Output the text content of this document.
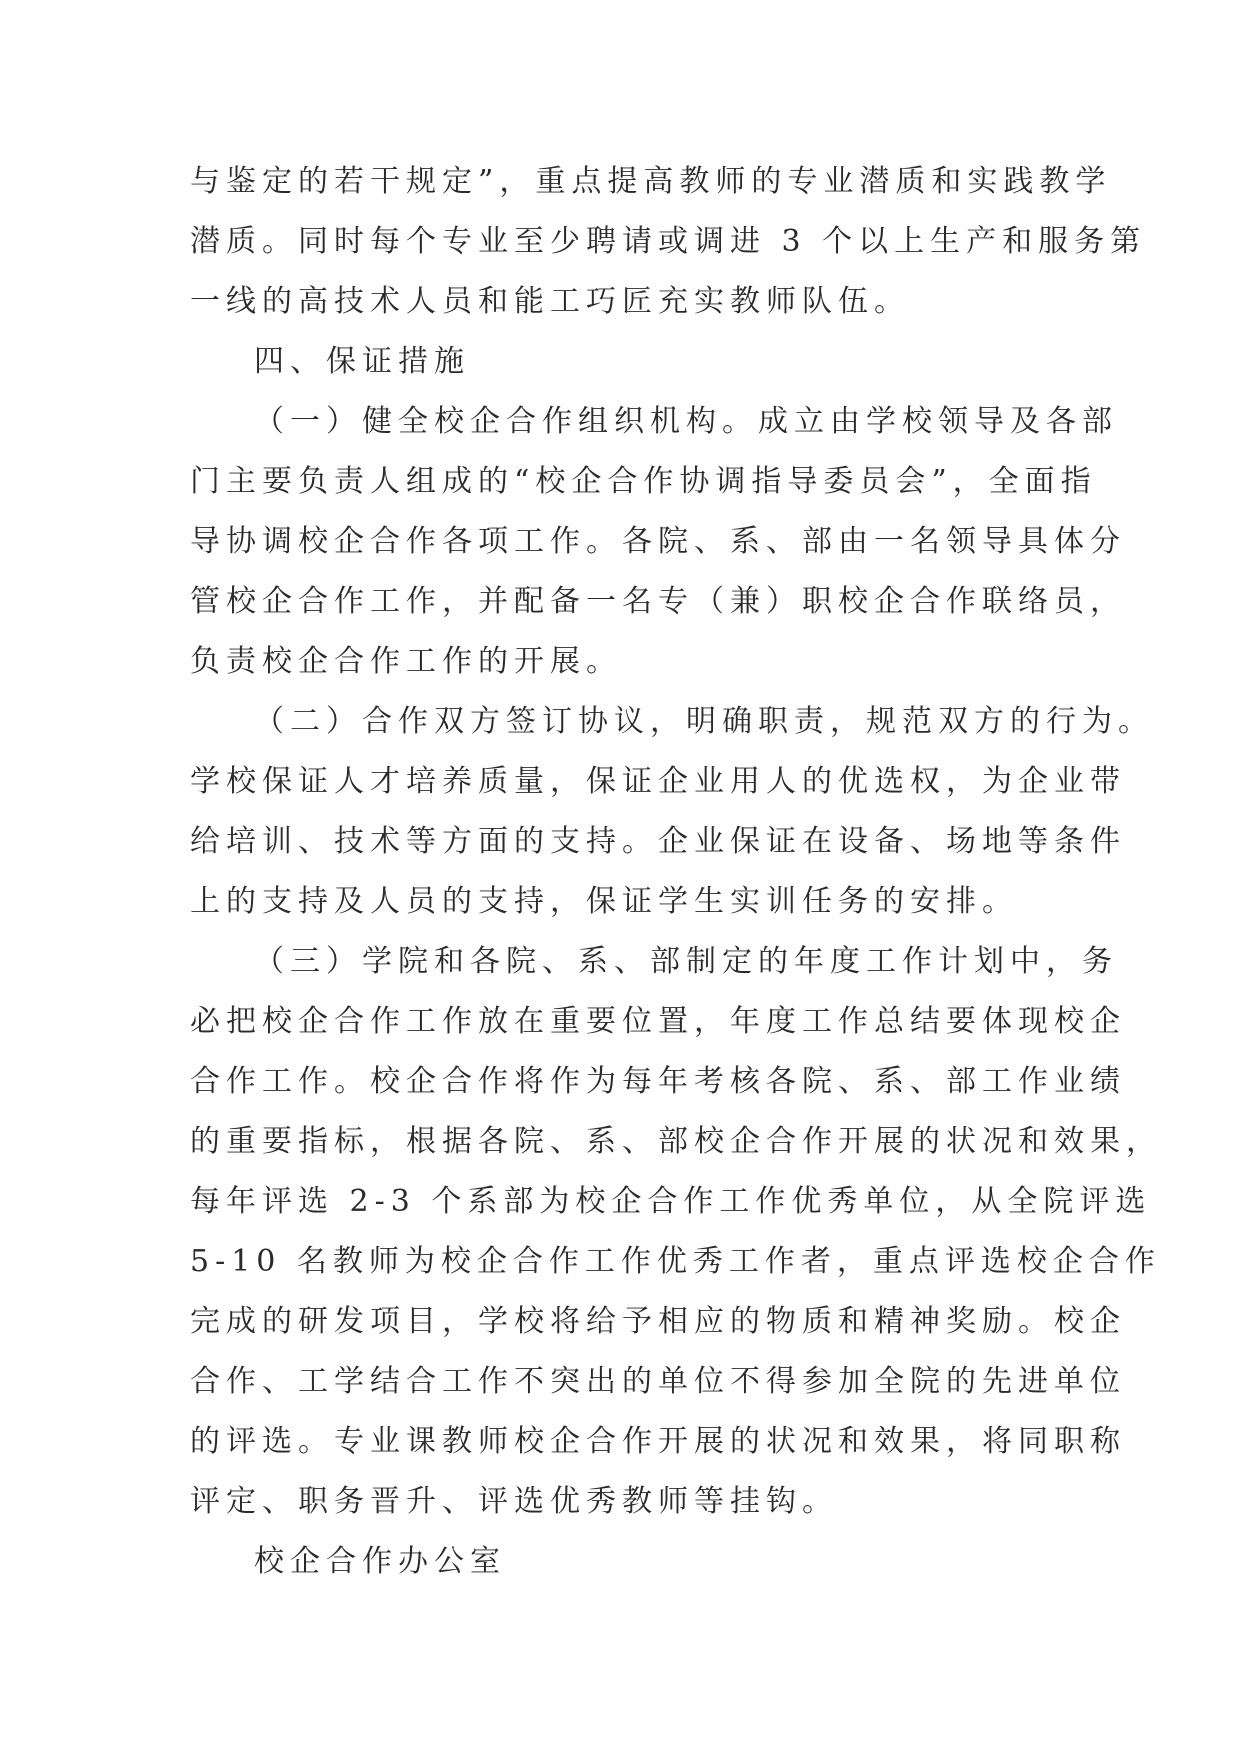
与鉴定的若干规定”，重点提高教师的专业潜质和实践教学
潜质。同时每个专业至少聘请或调进 3 个以上生产和服务第
一线的高技术人员和能工巧匠充实教师队伍。
四、保证措施
（一）健全校企合作组织机构。成立由学校领导及各部
门主要负责人组成的“校企合作协调指导委员会”，全面指
导协调校企合作各项工作。各院、系、部由一名领导具体分
管校企合作工作，并配备一名专（兼）职校企合作联络员，
负责校企合作工作的开展。
（二）合作双方签订协议，明确职责，规范双方的行为。
学校保证人才培养质量，保证企业用人的优选权，为企业带
给培训、技术等方面的支持。企业保证在设备、场地等条件
上的支持及人员的支持，保证学生实训任务的安排。
（三）学院和各院、系、部制定的年度工作计划中，务
必把校企合作工作放在重要位置，年度工作总结要体现校企
合作工作。校企合作将作为每年考核各院、系、部工作业绩
的重要指标，根据各院、系、部校企合作开展的状况和效果，
每年评选 2-3 个系部为校企合作工作优秀单位，从全院评选
5-10 名教师为校企合作工作优秀工作者，重点评选校企合作
完成的研发项目，学校将给予相应的物质和精神奖励。校企
合作、工学结合工作不突出的单位不得参加全院的先进单位
的评选。专业课教师校企合作开展的状况和效果，将同职称
评定、职务晋升、评选优秀教师等挂钩。
校企合作办公室
